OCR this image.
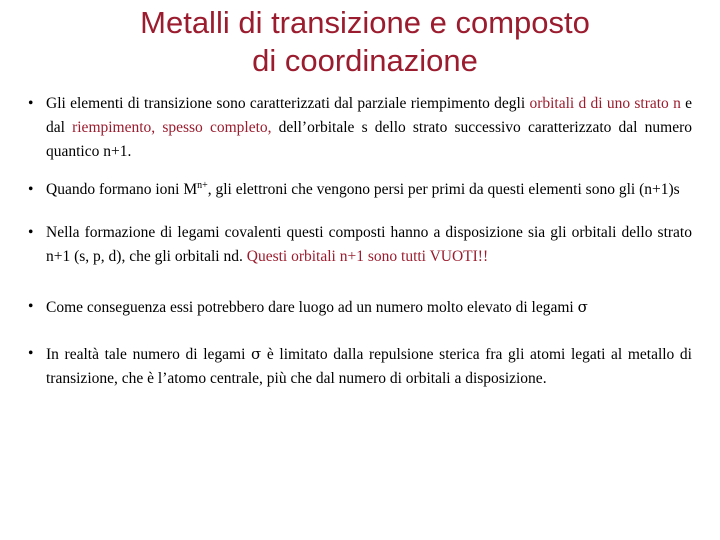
Metalli di transizione e composto
di coordinazione
• Gli elementi di transizione sono caratterizzati dal parziale riempimento degli orbitali d di uno strato n e dal riempimento, spesso completo, dell’orbitale s dello strato successivo caratterizzato dal numero quantico n+1.
• Quando formano ioni $M^{n+}$, gli elettroni che vengono persi per primi da questi elementi sono gli (n+1)s
• Nella formazione di legami covalenti questi composti hanno a disposizione sia gli orbitali dello strato n+1 (s, p, d), che gli orbitali nd. Questi orbitali n+1 sono tutti VUOTI!!
• Come conseguenza essi potrebbero dare luogo ad un numero molto elevato di legami σ
• In realtà tale numero di legami σ è limitato dalla repulsione sterica fra gli atomi legati al metallo di transizione, che è l’atomo centrale, più che dal numero di orbitali a disposizione.
